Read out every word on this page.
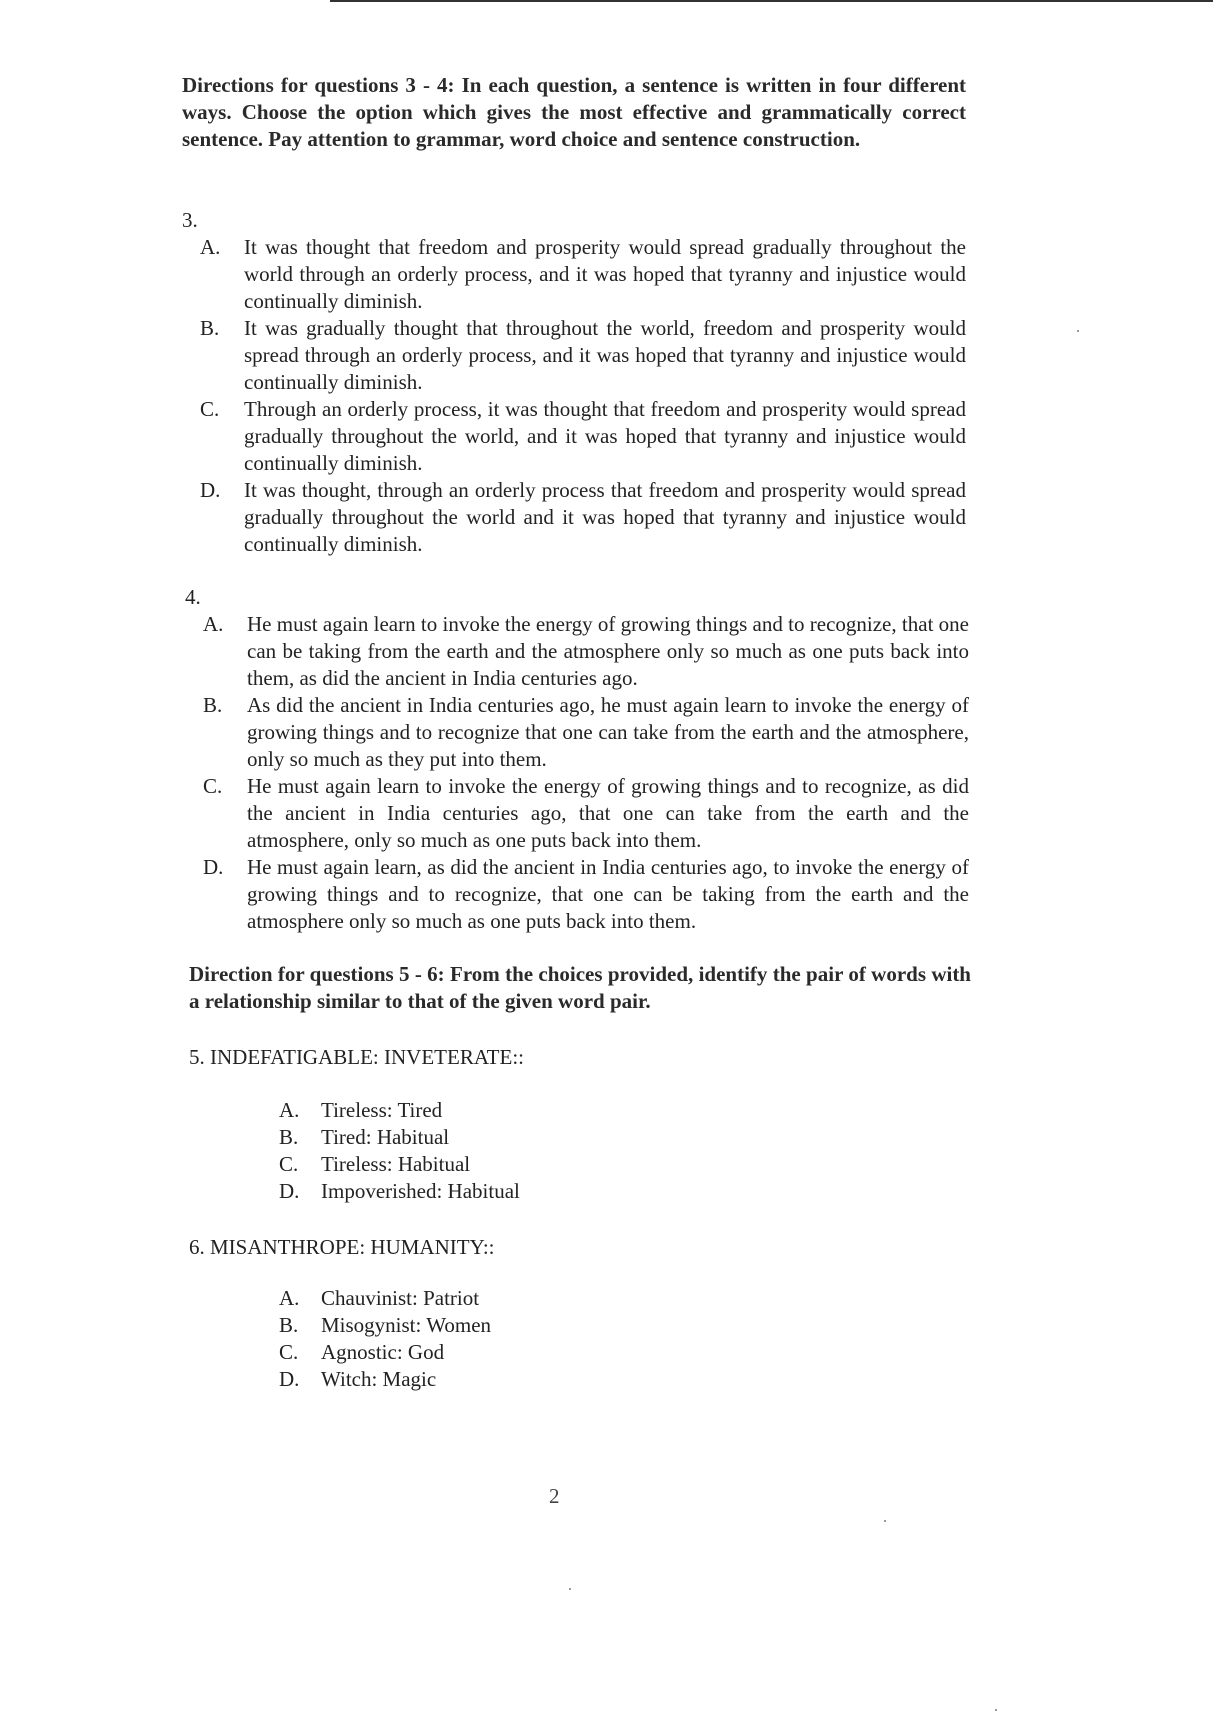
Directions for questions 3 - 4: In each question, a sentence is written in four different ways. Choose the option which gives the most effective and grammatically correct sentence. Pay attention to grammar, word choice and sentence construction.

3.
A.	It was thought that freedom and prosperity would spread gradually throughout the world through an orderly process, and it was hoped that tyranny and injustice would continually diminish.
B.	It was gradually thought that throughout the world, freedom and prosperity would spread through an orderly process, and it was hoped that tyranny and injustice would continually diminish.
C.	Through an orderly process, it was thought that freedom and prosperity would spread gradually throughout the world, and it was hoped that tyranny and injustice would continually diminish.
D.	It was thought, through an orderly process that freedom and prosperity would spread gradually throughout the world and it was hoped that tyranny and injustice would continually diminish.
4.
A.	He must again learn to invoke the energy of growing things and to recognize, that one can be taking from the earth and the atmosphere only so much as one puts back into them, as did the ancient in India centuries ago.
B.	As did the ancient in India centuries ago, he must again learn to invoke the energy of growing things and to recognize that one can take from the earth and the atmosphere, only so much as they put into them.
C.	He must again learn to invoke the energy of growing things and to recognize, as did the ancient in India centuries ago, that one can take from the earth and the atmosphere, only so much as one puts back into them.
D.	He must again learn, as did the ancient in India centuries ago, to invoke the energy of growing things and to recognize, that one can be taking from the earth and the atmosphere only so much as one puts back into them.

Direction for questions 5 - 6: From the choices provided, identify the pair of words with a relationship similar to that of the given word pair.

5. INDEFATIGABLE: INVETERATE::
A.	Tireless: Tired
B.	Tired: Habitual
C.	Tireless: Habitual
D.	Impoverished: Habitual
6. MISANTHROPE: HUMANITY::
A.	Chauvinist: Patriot
B.	Misogynist: Women
C.	Agnostic: God
D.	Witch: Magic
2
